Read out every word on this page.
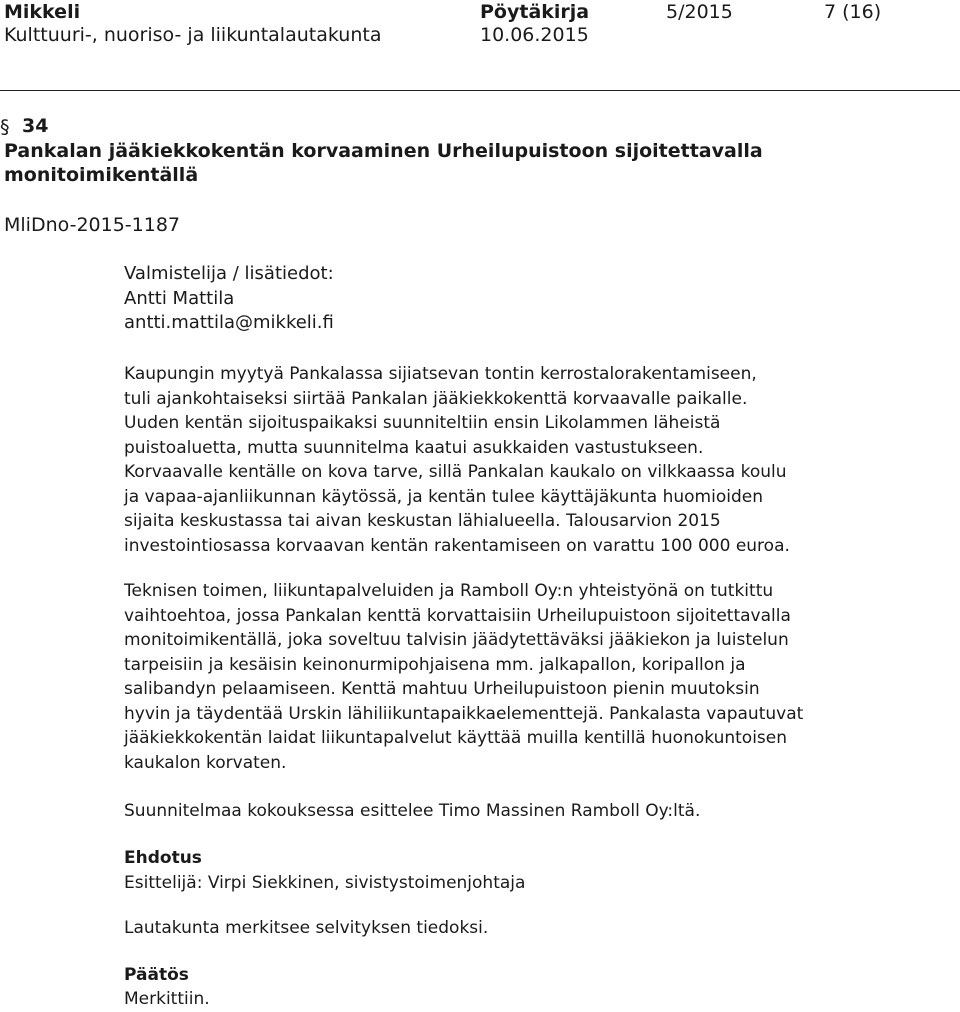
Mikkeli
Kulttuuri-, nuoriso- ja liikuntalautakunta
Pöytäkirja
10.06.2015
5/2015	7 (16)
§ 34
Pankalan jääkiekkokentän korvaaminen Urheilupuistoon sijoitettavalla
monitoimikentällä
MliDno-2015-1187
Valmistelija / lisätiedot:
Antti Mattila
antti.mattila@mikkeli.fi
Kaupungin myytyä Pankalassa sijiatsevan tontin kerrostalorakentamiseen,
tuli ajankohtaiseksi siirtää Pankalan jääkiekkokenttä korvaavalle paikalle.
Uuden kentän sijoituspaikaksi suunniteltiin ensin Likolammen läheistä
puistoaluetta, mutta suunnitelma kaatui asukkaiden vastustukseen.
Korvaavalle kentälle on kova tarve, sillä Pankalan kaukalo on vilkkaassa koulu
ja vapaa-ajanliikunnan käytössä, ja kentän tulee käyttäjäkunta huomioiden
sijaita keskustassa tai aivan keskustan lähialueella. Talousarvion 2015
investointiosassa korvaavan kentän rakentamiseen on varattu 100 000 euroa.
Teknisen toimen, liikuntapalveluiden ja Ramboll Oy:n yhteistyönä on tutkittu
vaihtoehtoa, jossa Pankalan kenttä korvattaisiin Urheilupuistoon sijoitettavalla
monitoimikentällä, joka soveltuu talvisin jäädytettäväksi jääkiekon ja luistelun
tarpeisiin ja kesäisin keinonurmipohjaisena mm. jalkapallon, koripallon ja
salibandyn pelaamiseen. Kenttä mahtuu Urheilupuistoon pienin muutoksin
hyvin ja täydentää Urskin lähiliikuntapaikkaelementtejä. Pankalasta vapautuvat
jääkiekkokentän laidat liikuntapalvelut käyttää muilla kentillä huonokuntoisen
kaukalon korvaten.
Suunnitelmaa kokouksessa esittelee Timo Massinen Ramboll Oy:ltä.
Ehdotus
Esittelijä: Virpi Siekkinen, sivistystoimenjohtaja
Lautakunta merkitsee selvityksen tiedoksi.
Päätös
Merkittiin.
